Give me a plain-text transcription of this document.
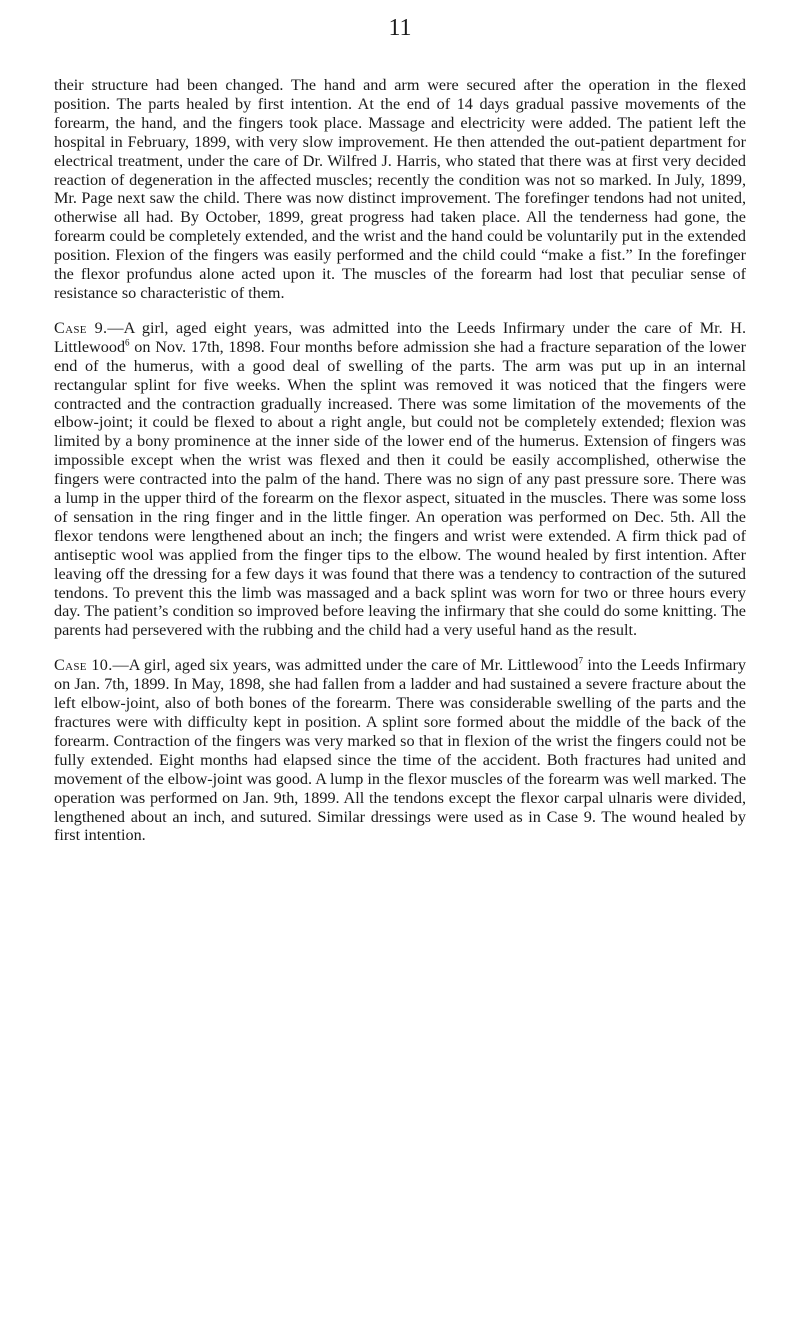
11

their structure had been changed. The hand and arm were secured after the operation in the flexed position. The parts healed by first intention. At the end of 14 days gradual passive movements of the forearm, the hand, and the fingers took place. Massage and electricity were added. The patient left the hospital in February, 1899, with very slow improvement. He then attended the out-patient department for electrical treatment, under the care of Dr. Wilfred J. Harris, who stated that there was at first very decided reaction of degeneration in the affected muscles; recently the condition was not so marked. In July, 1899, Mr. Page next saw the child. There was now distinct improvement. The forefinger tendons had not united, otherwise all had. By October, 1899, great progress had taken place. All the tenderness had gone, the forearm could be completely extended, and the wrist and the hand could be voluntarily put in the extended position. Flexion of the fingers was easily performed and the child could “make a fist.” In the forefinger the flexor profundus alone acted upon it. The muscles of the forearm had lost that peculiar sense of resistance so characteristic of them.

Case 9.—A girl, aged eight years, was admitted into the Leeds Infirmary under the care of Mr. H. Littlewood$^6$ on Nov. 17th, 1898. Four months before admission she had a fracture separation of the lower end of the humerus, with a good deal of swelling of the parts. The arm was put up in an internal rectangular splint for five weeks. When the splint was removed it was noticed that the fingers were contracted and the contraction gradually increased. There was some limitation of the movements of the elbow-joint; it could be flexed to about a right angle, but could not be completely extended; flexion was limited by a bony prominence at the inner side of the lower end of the humerus. Extension of fingers was impossible except when the wrist was flexed and then it could be easily accomplished, otherwise the fingers were contracted into the palm of the hand. There was no sign of any past pressure sore. There was a lump in the upper third of the forearm on the flexor aspect, situated in the muscles. There was some loss of sensation in the ring finger and in the little finger. An operation was performed on Dec. 5th. All the flexor tendons were lengthened about an inch; the fingers and wrist were extended. A firm thick pad of antiseptic wool was applied from the finger tips to the elbow. The wound healed by first intention. After leaving off the dressing for a few days it was found that there was a tendency to contraction of the sutured tendons. To prevent this the limb was massaged and a back splint was worn for two or three hours every day. The patient’s condition so improved before leaving the infirmary that she could do some knitting. The parents had persevered with the rubbing and the child had a very useful hand as the result.

Case 10.—A girl, aged six years, was admitted under the care of Mr. Littlewood$^7$ into the Leeds Infirmary on Jan. 7th, 1899. In May, 1898, she had fallen from a ladder and had sustained a severe fracture about the left elbow-joint, also of both bones of the forearm. There was considerable swelling of the parts and the fractures were with difficulty kept in position. A splint sore formed about the middle of the back of the forearm. Contraction of the fingers was very marked so that in flexion of the wrist the fingers could not be fully extended. Eight months had elapsed since the time of the accident. Both fractures had united and movement of the elbow-joint was good. A lump in the flexor muscles of the forearm was well marked. The operation was performed on Jan. 9th, 1899. All the tendons except the flexor carpal ulnaris were divided, lengthened about an inch, and sutured. Similar dressings were used as in Case 9. The wound healed by first intention.
